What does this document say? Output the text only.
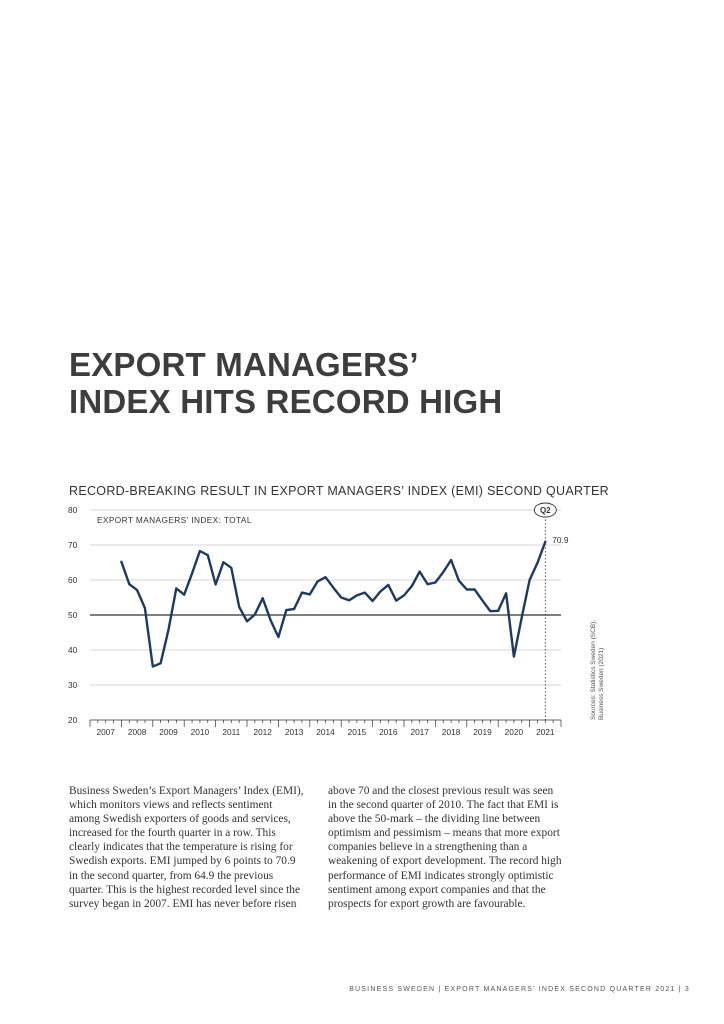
EXPORT MANAGERS’
INDEX HITS RECORD HIGH
RECORD-BREAKING RESULT IN EXPORT MANAGERS’ INDEX (EMI) SECOND QUARTER
20
30
40
50
60
70
80
2007 2008 2009 2010 2011 2012 2013 2014 2015 2016 2017 2018 2019 2020 2021
EXPORT MANAGERS’ INDEX: TOTAL
Q2
70.9
Sources: Statistics Sweden (SCB), Business Sweden (2021)

Business Sweden’s Export Managers’ Index (EMI), which monitors views and reflects sentiment among Swedish exporters of goods and services, increased for the fourth quarter in a row. This clearly indicates that the temperature is rising for Swedish exports. EMI jumped by 6 points to 70.9 in the second quarter, from 64.9 the previous quarter. This is the highest recorded level since the survey began in 2007. EMI has never before risen

above 70 and the closest previous result was seen in the second quarter of 2010. The fact that EMI is above the 50-mark – the dividing line between optimism and pessimism – means that more export companies believe in a strengthening than a weakening of export development. The record high performance of EMI indicates strongly optimistic sentiment among export companies and that the prospects for export growth are favourable.

BUSINESS SWEDEN | EXPORT MANAGERS’ INDEX SECOND QUARTER 2021 | 3
